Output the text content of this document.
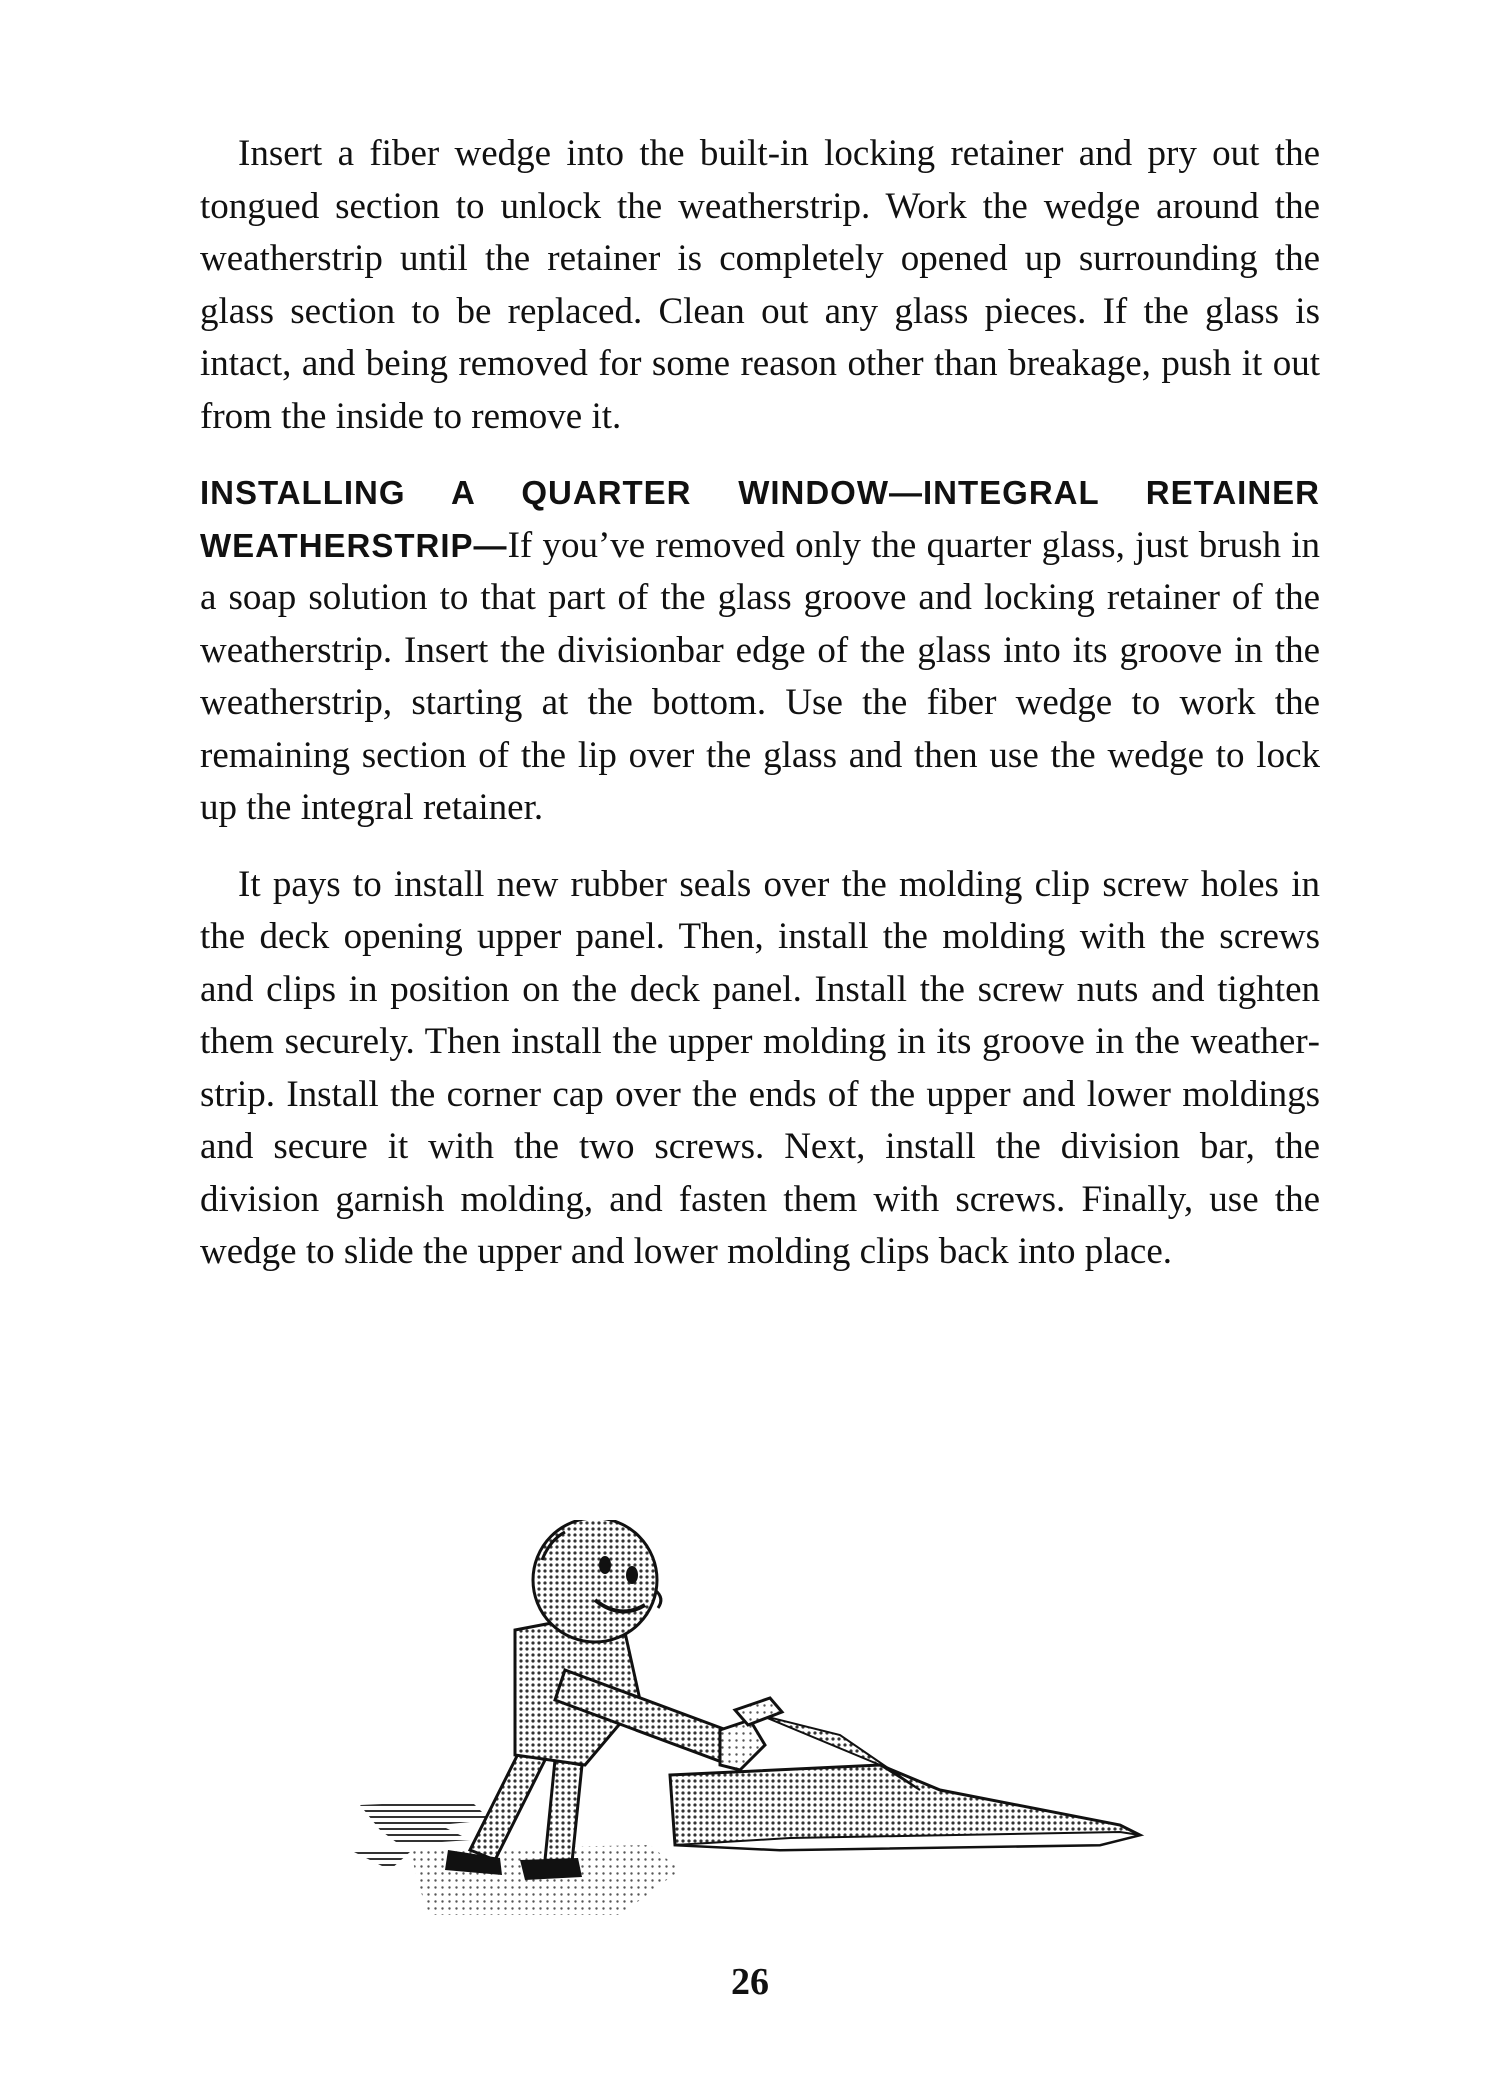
Insert a fiber wedge into the built-in locking retainer and pry out the tongued section to unlock the weatherstrip. Work the wedge around the weatherstrip until the retainer is completely opened up surrounding the glass section to be replaced. Clean out any glass pieces. If the glass is intact, and being removed for some reason other than breakage, push it out from the inside to remove it.

INSTALLING A QUARTER WINDOW—INTEGRAL RETAINER WEATHERSTRIP—If you’ve removed only the quarter glass, just brush in a soap solution to that part of the glass groove and locking retainer of the weatherstrip. Insert the divisionbar edge of the glass into its groove in the weatherstrip, starting at the bottom. Use the fiber wedge to work the remaining section of the lip over the glass and then use the wedge to lock up the integral retainer.

It pays to install new rubber seals over the molding clip screw holes in the deck opening upper panel. Then, install the molding with the screws and clips in position on the deck panel. Install the screw nuts and tighten them securely. Then install the upper molding in its groove in the weatherstrip. Install the corner cap over the ends of the upper and lower moldings and secure it with the two screws. Next, install the division bar, the division garnish molding, and fasten them with screws. Finally, use the wedge to slide the upper and lower molding clips back into place.

26
